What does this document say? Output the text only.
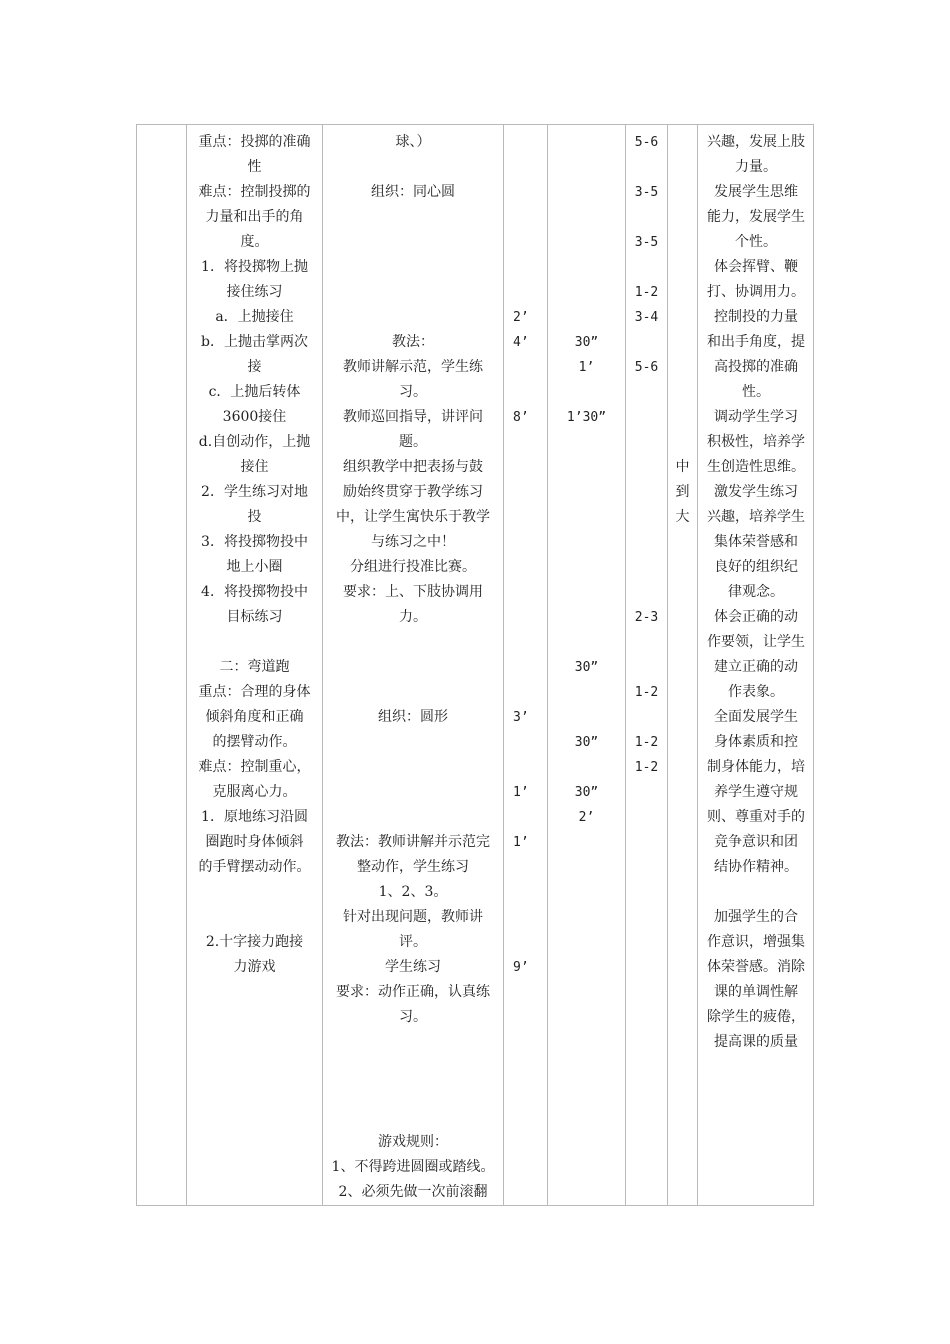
重点：投掷的准确
性
难点：控制投掷的
力量和出手的角
度。
1．将投掷物上抛
接住练习
a．上抛接住
b．上抛击掌两次
接
c．上抛后转体
3600接住
d.自创动作，上抛
接住
2．学生练习对地
投
3．将投掷物投中
地上小圈
4．将投掷物投中
目标练习
二：弯道跑
重点：合理的身体
倾斜角度和正确
的摆臂动作。
难点：控制重心，
克服离心力。
1．原地练习沿圆
圈跑时身体倾斜
的手臂摆动动作。
2.十字接力跑接
力游戏
球、）
组织：同心圆
教法：
教师讲解示范，学生练
习。
教师巡回指导，讲评问
题。
组织教学中把表扬与鼓
励始终贯穿于教学练习
中，让学生寓快乐于教学
与练习之中！
分组进行投准比赛。
要求：上、下肢协调用
力。
组织：圆形
教法：教师讲解并示范完
整动作，学生练习
1、2、3。
针对出现问题，教师讲
评。
学生练习
要求：动作正确，认真练
习。
游戏规则：
1、不得跨进圆圈或踏线。
2、必须先做一次前滚翻
2’
4’
8’
3’
1’
1’
9’
30”
1’
1’30”
30”
30”
30”
2’
5-6
3-5
3-5
1-2
3-4
5-6
2-3
1-2
1-2
1-2
中
到
大
兴趣，发展上肢
力量。
发展学生思维
能力，发展学生
个性。
体会挥臂、鞭
打、协调用力。
控制投的力量
和出手角度，提
高投掷的准确
性。
调动学生学习
积极性，培养学
生创造性思维。
激发学生练习
兴趣，培养学生
集体荣誉感和
良好的组织纪
律观念。
体会正确的动
作要领，让学生
建立正确的动
作表象。
全面发展学生
身体素质和控
制身体能力，培
养学生遵守规
则、尊重对手的
竞争意识和团
结协作精神。
加强学生的合
作意识，增强集
体荣誉感。消除
课的单调性解
除学生的疲倦，
提高课的质量
